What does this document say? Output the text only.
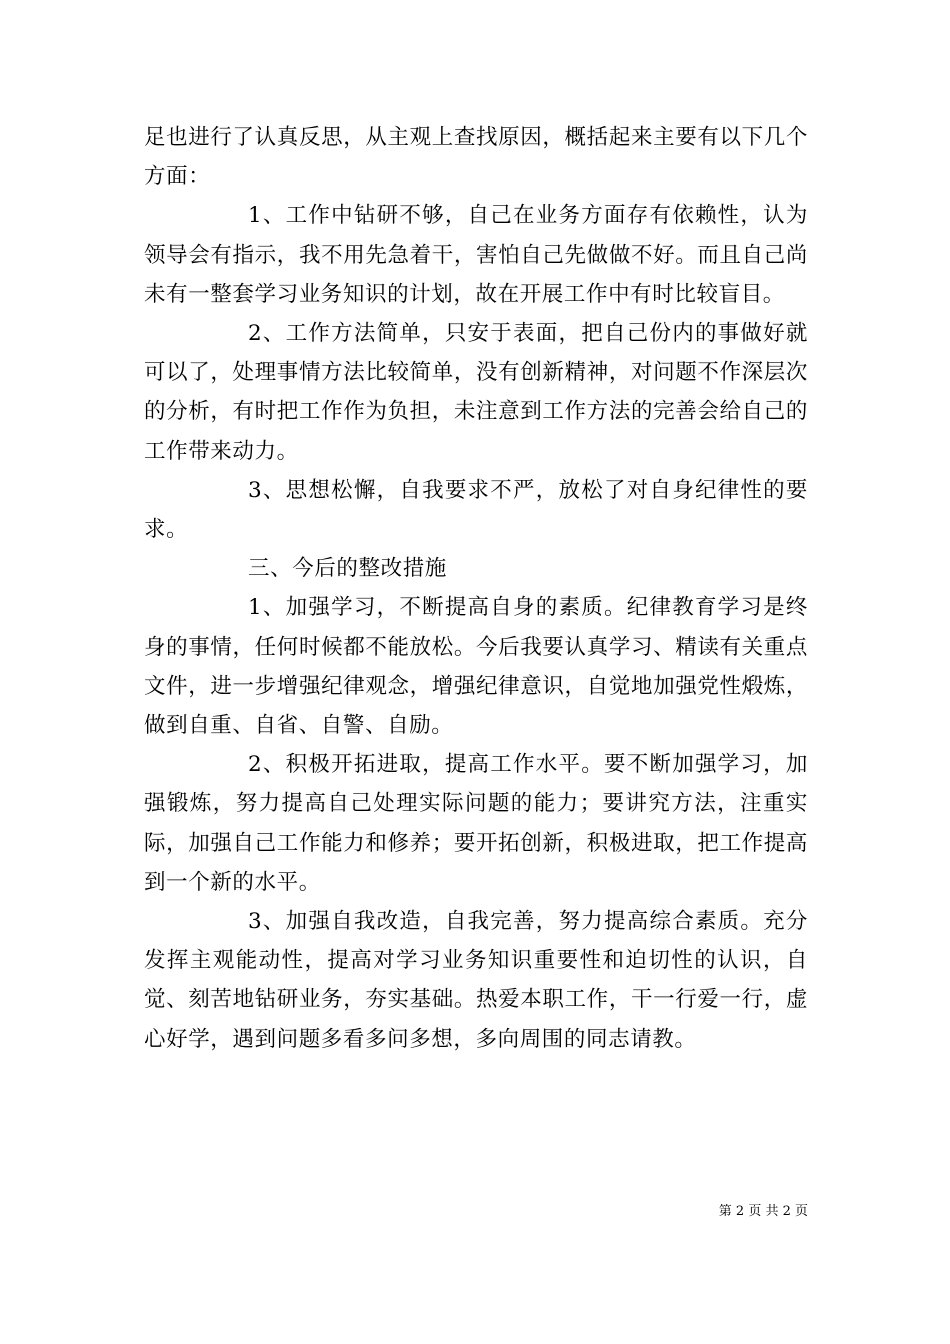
足也进行了认真反思，从主观上查找原因，概括起来主要有以下几个方面：

1、工作中钻研不够，自己在业务方面存有依赖性，认为领导会有指示，我不用先急着干，害怕自己先做做不好。而且自己尚未有一整套学习业务知识的计划，故在开展工作中有时比较盲目。

2、工作方法简单，只安于表面，把自己份内的事做好就可以了，处理事情方法比较简单，没有创新精神，对问题不作深层次的分析，有时把工作作为负担，未注意到工作方法的完善会给自己的工作带来动力。

3、思想松懈，自我要求不严，放松了对自身纪律性的要求。

三、今后的整改措施

1、加强学习，不断提高自身的素质。纪律教育学习是终身的事情，任何时候都不能放松。今后我要认真学习、精读有关重点文件，进一步增强纪律观念，增强纪律意识，自觉地加强党性煅炼，做到自重、自省、自警、自励。

2、积极开拓进取，提高工作水平。要不断加强学习，加强锻炼，努力提高自己处理实际问题的能力；要讲究方法，注重实际，加强自己工作能力和修养；要开拓创新，积极进取，把工作提高到一个新的水平。

3、加强自我改造，自我完善，努力提高综合素质。充分发挥主观能动性，提高对学习业务知识重要性和迫切性的认识，自觉、刻苦地钻研业务，夯实基础。热爱本职工作，干一行爱一行，虚心好学，遇到问题多看多问多想，多向周围的同志请教。

第 2 页 共 2 页
